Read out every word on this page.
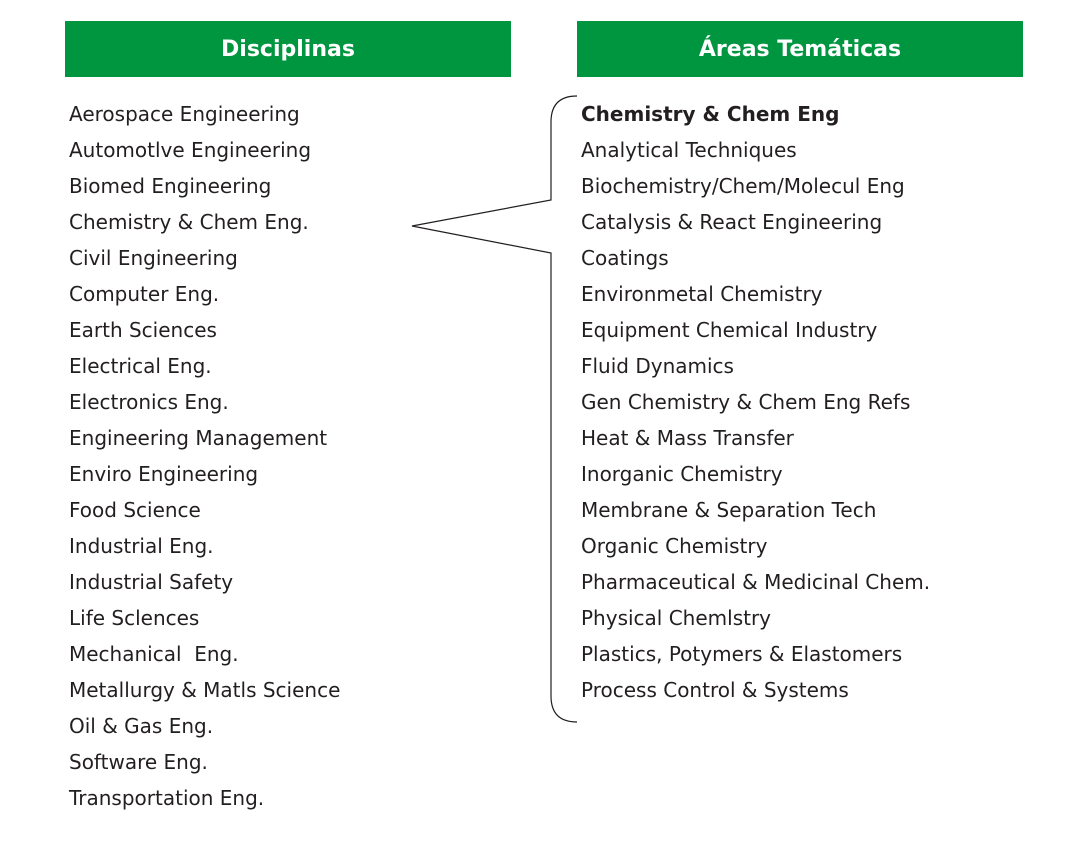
Disciplinas	Áreas Temáticas
Aerospace Engineering
Automotlve Engineering
Biomed Engineering
Chemistry & Chem Eng.
Civil Engineering
Computer Eng.
Earth Sciences
Electrical Eng.
Electronics Eng.
Engineering Management
Enviro Engineering
Food Science
Industrial Eng.
Industrial Safety
Life Sclences
Mechanical  Eng.
Metallurgy & Matls Science
Oil & Gas Eng.
Software Eng.
Transportation Eng.
Chemistry & Chem Eng
Analytical Techniques
Biochemistry/Chem/Molecul Eng
Catalysis & React Engineering
Coatings
Environmetal Chemistry
Equipment Chemical Industry
Fluid Dynamics
Gen Chemistry & Chem Eng Refs
Heat & Mass Transfer
Inorganic Chemistry
Membrane & Separation Tech
Organic Chemistry
Pharmaceutical & Medicinal Chem.
Physical Chemlstry
Plastics, Potymers & Elastomers
Process Control & Systems
